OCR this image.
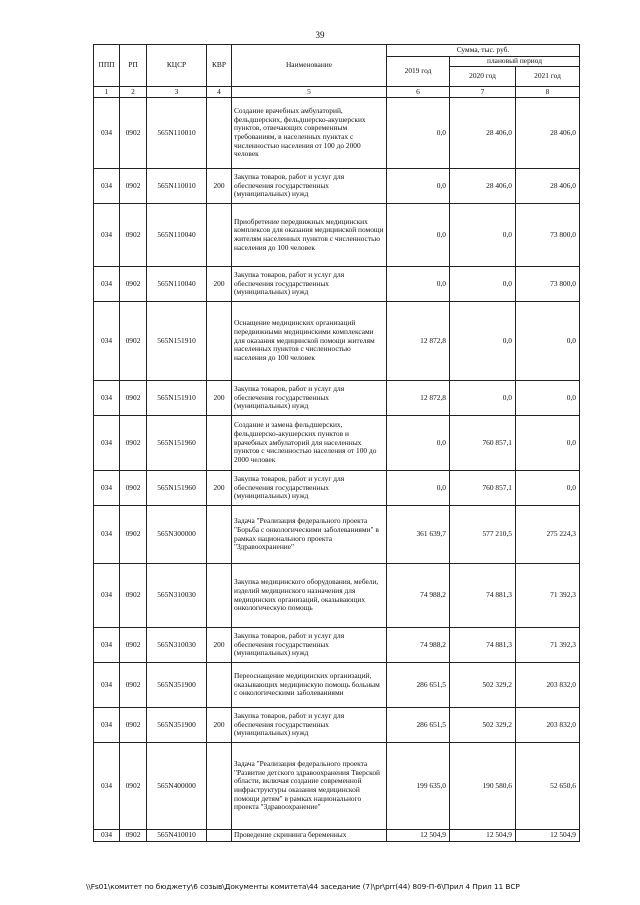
39
ППП	РП	КЦСР	КВР	Наименование	Сумма, тыс. руб.		
					2019 год	плановый период	
						2020 год	2021 год
1	2	3	4	5	6	7	8
034	0902	565N110010		Создание врачебных амбулаторий, фельдшерских, фельдшерско-акушерских пунктов, отвечающих современным требованиям, в населенных пунктах с численностью населения от 100 до 2000 человек	0,0	28 406,0	28 406,0
034	0902	565N110010	200	Закупка товаров, работ и услуг для обеспечения государственных (муниципальных) нужд	0,0	28 406,0	28 406,0
034	0902	565N110040		Приобретение передвижных медицинских комплексов для оказания медицинской помощи жителям населенных пунктов с численностью населения до 100 человек	0,0	0,0	73 800,0
034	0902	565N110040	200	Закупка товаров, работ и услуг для обеспечения государственных (муниципальных) нужд	0,0	0,0	73 800,0
034	0902	565N151910		Оснащение медицинских организаций передвижными медицинскими комплексами для оказания медицинской помощи жителям населенных пунктов с численностью населения до 100 человек	12 872,8	0,0	0,0
034	0902	565N151910	200	Закупка товаров, работ и услуг для обеспечения государственных (муниципальных) нужд	12 872,8	0,0	0,0
034	0902	565N151960		Создание и замена фельдшерских, фельдшерско-акушерских пунктов и врачебных амбулаторий для населенных пунктов с численностью населения от 100 до 2000 человек	0,0	760 857,1	0,0
034	0902	565N151960	200	Закупка товаров, работ и услуг для обеспечения государственных (муниципальных) нужд	0,0	760 857,1	0,0
034	0902	565N300000		Задача "Реализация федерального проекта "Борьба с онкологическими заболеваниями" в рамках национального проекта "Здравоохранение"	361 639,7	577 210,5	275 224,3
034	0902	565N310030		Закупка медицинского оборудования, мебели, изделий медицинского назначения для медицинских организаций, оказывающих онкологическую помощь	74 988,2	74 881,3	71 392,3
034	0902	565N310030	200	Закупка товаров, работ и услуг для обеспечения государственных (муниципальных) нужд	74 988,2	74 881,3	71 392,3
034	0902	565N351900		Переоснащение медицинских организаций, оказывающих медицинскую помощь больным с онкологическими заболеваниями	286 651,5	502 329,2	203 832,0
034	0902	565N351900	200	Закупка товаров, работ и услуг для обеспечения государственных (муниципальных) нужд	286 651,5	502 329,2	203 832,0
034	0902	565N400000		Задача "Реализация федерального проекта "Развитие детского здравоохранения Тверской области, включая создание современной инфраструктуры оказания медицинской помощи детям" в рамках национального проекта "Здравоохранение"	199 635,0	190 580,6	52 650,6
034	0902	565N410010		Проведение скрининга беременных	12 504,9	12 504,9	12 504,9
\\Fs01\комитет по бюджету\6 созыв\Документы комитета\44 заседание (7)\pr\prr(44) 809-П-6\Прил 4 Прил 11 ВСР
